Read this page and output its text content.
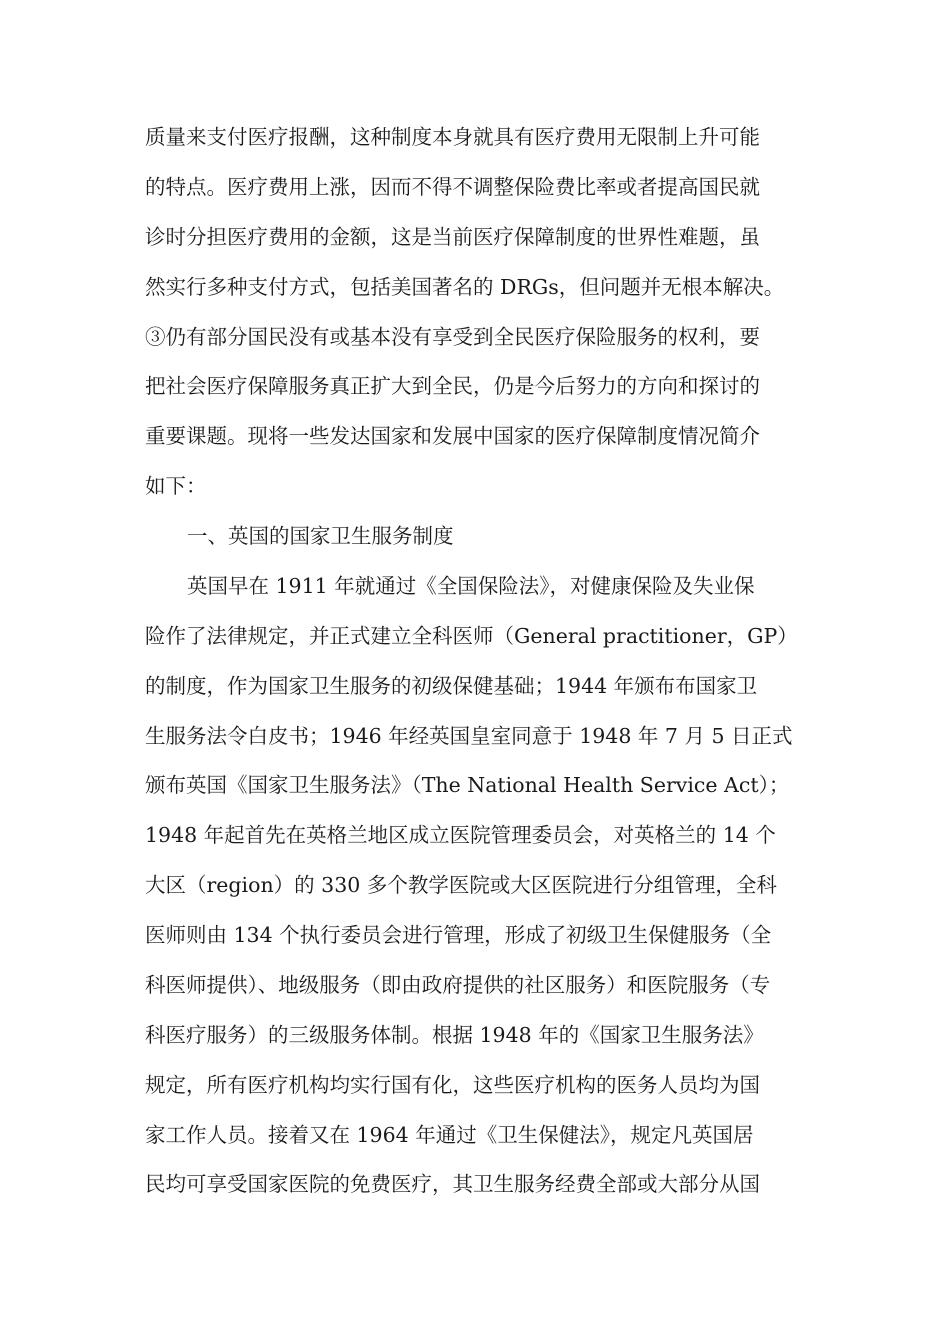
质量来支付医疗报酬，这种制度本身就具有医疗费用无限制上升可能

的特点。医疗费用上涨，因而不得不调整保险费比率或者提高国民就

诊时分担医疗费用的金额，这是当前医疗保障制度的世界性难题，虽

然实行多种支付方式，包括美国著名的 DRGs，但问题并无根本解决。

③仍有部分国民没有或基本没有享受到全民医疗保险服务的权利，要

把社会医疗保障服务真正扩大到全民，仍是今后努力的方向和探讨的

重要课题。现将一些发达国家和发展中国家的医疗保障制度情况简介

如下：

一、英国的国家卫生服务制度

英国早在 1911 年就通过《全国保险法》，对健康保险及失业保

险作了法律规定，并正式建立全科医师（General practitioner，GP）

的制度，作为国家卫生服务的初级保健基础；1944 年颁布布国家卫

生服务法令白皮书；1946 年经英国皇室同意于 1948 年 7 月 5 日正式

颁布英国《国家卫生服务法》（The National Health Service Act）；

1948 年起首先在英格兰地区成立医院管理委员会，对英格兰的 14 个

大区（region）的 330 多个教学医院或大区医院进行分组管理，全科

医师则由 134 个执行委员会进行管理，形成了初级卫生保健服务（全

科医师提供）、地级服务（即由政府提供的社区服务）和医院服务（专

科医疗服务）的三级服务体制。根据 1948 年的《国家卫生服务法》

规定，所有医疗机构均实行国有化，这些医疗机构的医务人员均为国

家工作人员。接着又在 1964 年通过《卫生保健法》，规定凡英国居

民均可享受国家医院的免费医疗，其卫生服务经费全部或大部分从国
